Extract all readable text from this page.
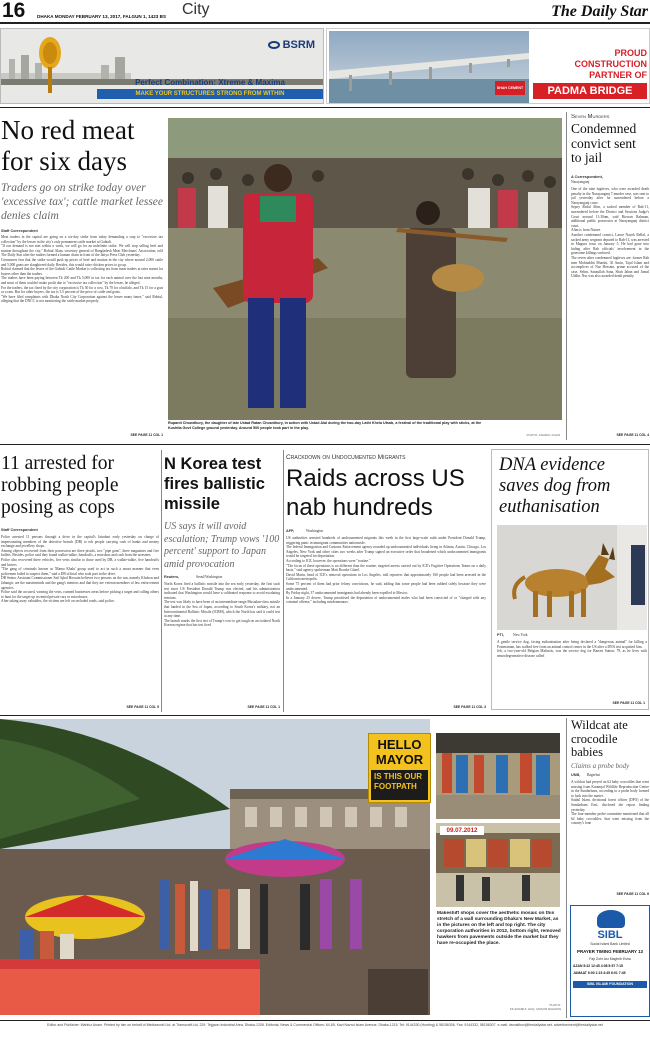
16	DHAKA MONDAY FEBRUARY 13, 2017, FALGUN 1, 1423 BS City	The Daily Star
BSRM
Perfect Combination: Xtreme & Maxima
MAKE YOUR STRUCTURES STRONG FROM WITHIN
SHAH CEMENT
PROUD
CONSTRUCTION
PARTNER OF
PADMA BRIDGE
No red meat for six days
Traders go on strike today over 'excessive tax'; cattle market lessee denies claim
Staff Correspondent
Meat traders in the capital are going on a six-day strike from today demanding a stop to "excessive tax collection" by the lessee in the city's only permanent cattle market at Gabtoli.
"If our demand is not met within a week, we will go for an indefinite strike. We will stop selling beef and mutton throughout the city," Robiul Alam, secretary general of Bangladesh Meat Merchants' Association, told The Daily Star after the traders formed a human chain in front of the Jatiya Press Club yesterday.
Consumers fear that the strike would push up prices of beef and mutton in the city where around 2,000 cattle and 5,000 goats are slaughtered daily. Besides, this would raise chicken prices to go up.
Robiul claimed that the lessee of the Gabtoli Cattle Market is collecting tax from meat traders at rates meant for buyers other than the traders.
The traders have been paying between Tk 200 and Tk 5,000 in tax for each animal over the last nine months, and most of them couldn't make profit due to "excessive tax collection" by the lessee, he alleged.
For the traders, the tax fixed by the city corporation is Tk 50 for a cow, Tk 70 for a buffalo, and Tk 15 for a goat or a ram. But for other buyers, the tax is 3.5 percent of the price of cattle and goats.
"We have filed complaints with Dhaka North City Corporation against the lessee many times," said Robiul, alleging that the DNCC is not monitoring the cattle market properly.
SEE PAGE 11 COL 1
Rupanti Chowdhury, the daughter of late Ustad Ratan Chowdhury, in action with Ustad Alal during the two-day Lathi Khela Utsab, a festival of the traditional play with sticks, at the Kushtia Govt College ground yesterday. Around 500 people took part in the play.
PHOTO: ANARUL KHAN
Seven Murders
Condemned convict sent to jail
A Correspondent,
Narayanganj
One of the nine fugitives, who were awarded death penalty in the Narayanganj 7 murder case, was sent to jail yesterday after he surrendered before a Narayanganj court.
Sepoy Abdul Alim, a sacked member of Rab-11, surrendered before the District and Sessions Judge's Court around 11:30am, said Rizwan Rahman, additional public prosecutor at Narayanganj district court.
Alim is from Natore.
Another condemned convict, Lance Nayek Bellal, a sacked army sergeant deputed to Rab-11, was arrested in Magura town on January 5. He had gone into hiding after Rab officials' involvement in the gruesome killings surfaced.
The seven other condemned fugitives are: former Rab men Mohiuddin Munshi, Al Amin, Tajul Islam and accomplices of Nur Hossain, prime accused of the case, Selim, Sanaullah Sana, Shah Jahan and Jamal Uddin. Nur was also awarded death penalty.
SEE PAGE 11 COL 4
11 arrested for robbing people posing as cops
Staff Correspondent
Police arrested 11 persons through a drive in the capital's Jatrabari early yesterday on charge of impersonating members of the detective branch (DB) to rob people carrying cash of banks and money exchange and jewellery shops.
Among objects recovered from their possession are three pistols, two "pipe guns", three magazines and five bullets. Besides, police said they found walkie-talkie, handcuffs, a microbus and cash from the arrestees.
Police also recovered three vehicles, five vests similar to those used by DB, a walkie-talkie, five handcuffs and knives.
"The gang of criminals known as 'Mama Khalu' group used to act in such a smart manner that even policemen failed to suspect them," said a DB official who took part in the drive.
DB Senior Assistant Commissioner Saif Iqbal Hossain believes two persons on the run, namely Khokon and Jahangir, are the masterminds and the gang's mentors and that they are veteran members of law enforcement agencies.
Police said the accused, wearing the vests, roamed businesses areas before picking a target and calling others to hunt for the target up in rented private cars or microbuses.
After taking away valuables, the victims are left on secluded roads, said police.
SEE PAGE 11 COL 5
N Korea test fires ballistic missile
US says it will avoid escalation; Trump vows '100 percent' support to Japan amid provocation
Reuters,	Seoul/Washington
North Korea fired a ballistic missile into the sea early yesterday, the first such test since US President Donald Trump was elected, and his administration indicated that Washington would have a calibrated response to avoid escalating tensions.
The test was likely to have been of an intermediate-range Musudan-class missile that landed in the Sea of Japan, according to South Korea's military, not an Intercontinental Ballistic Missile (ICBM), which the North has said it could test at any time.
The launch marks the first test of Trump's vow to get tough on an isolated North Korean regime that has test fired
SEE PAGE 11 COL 1
Crackdown on Undocumented Migrants
Raids across US nab hundreds
AFP,	Washington
US authorities arrested hundreds of undocumented migrants this week in the first large-scale raids under President Donald Trump, triggering panic in immigrant communities nationwide.
The federal Immigration and Customs Enforcement agency rounded up undocumented individuals living in Atlanta, Austin, Chicago, Los Angeles, New York and other cities two weeks after Trump signed an executive order that broadened which undocumented immigrants would be targeted for deportation.
According to ICE, however, the operations were "routine."
"The focus of these operations is no different than the routine, targeted arrests carried out by ICE's Fugitive Operations Teams on a daily basis," said agency spokesman Matt Bourke Gitzel.
David Marin, head of ICE's removal operations in Los Angeles, told reporters that approximately 160 people had been arrested in the California metropolis.
Some 75 percent of them had prior felony convictions, he said, adding that some people had been rubbed solely because they were undocumented.
By Friday night, 37 undocumented immigrants had already been expelled to Mexico.
In a January 25 decree, Trump prioritised the deportation of undocumented males who had been convicted of or "charged with any criminal offense," including misdemeanors.
SEE PAGE 11 COL 3
DNA evidence saves dog from euthanisation
PTI,	New York
A gentle service dog, facing euthanisation after being declared a "dangerous animal" for killing a Pomeranian, has walked free from an animal control center in the US after a DNA test acquitted him.
Jeb, a two-year-old Belgian Malinois, was the service dog for Barrett Sutton, 79, as he lives with neurodegenerative disease called
SEE PAGE 11 COL 1
HELLO
MAYOR
IS THIS OUR FOOTPATH
09.07.2012
Makeshift shops cover the aesthetic mosaic on this stretch of a wall surrounding Dhaka's New Market, as in the pictures on the left and top right. The city corporation authorities in 2012, bottom right, removed hawkers from pavements outside the market but they have re-occupied the place.
PHOTO:
SK ENAMUL HAQ, ANISUR RAHMAN
Wildcat ate crocodile babies
Claims a probe body
UNB,	Bagerhat
A wildcat had preyed on 62 baby crocodiles that went missing from Karamjal Wildlife Reproduction Centre in the Sundarbans, according to a probe body formed to look into the matter.
Saidul Islam, divisional forest officer (DFO) of the Sundarbans East, disclosed the report finding yesterday.
The four-member probe committee mentioned that all 62 baby crocodiles, that went missing from the country's lone
SEE PAGE 11 COL 6
SIBL
Social Islami Bank Limited
PRAYER TIMING FEBRUARY 13
Fajr Zohr Asr Maghrib Esha
AZAN 5:22 12:45 4:08 5:57 7:15
JAMAAT 6:00 1:15 4:45 6:01 7:45
SIBL ISLAMI FOUNDATION
Editor and Publisher: Mahfuz Anam. Printed by him on behalf of Mediaworld Ltd. at Transcraft Ltd, 229, Tejgaon Industrial Area, Dhaka-1208. Editorial, News & Commercial Offices: 64-65, Kazi Nazrul Islam Avenue, Dhaka-1215. Tel: 9144330 (Hunting) & 58156306. Fax: 9144332, 58156307. e-mail: dsmailbox@thedailystar.net, advertisement@thedailystar.net
